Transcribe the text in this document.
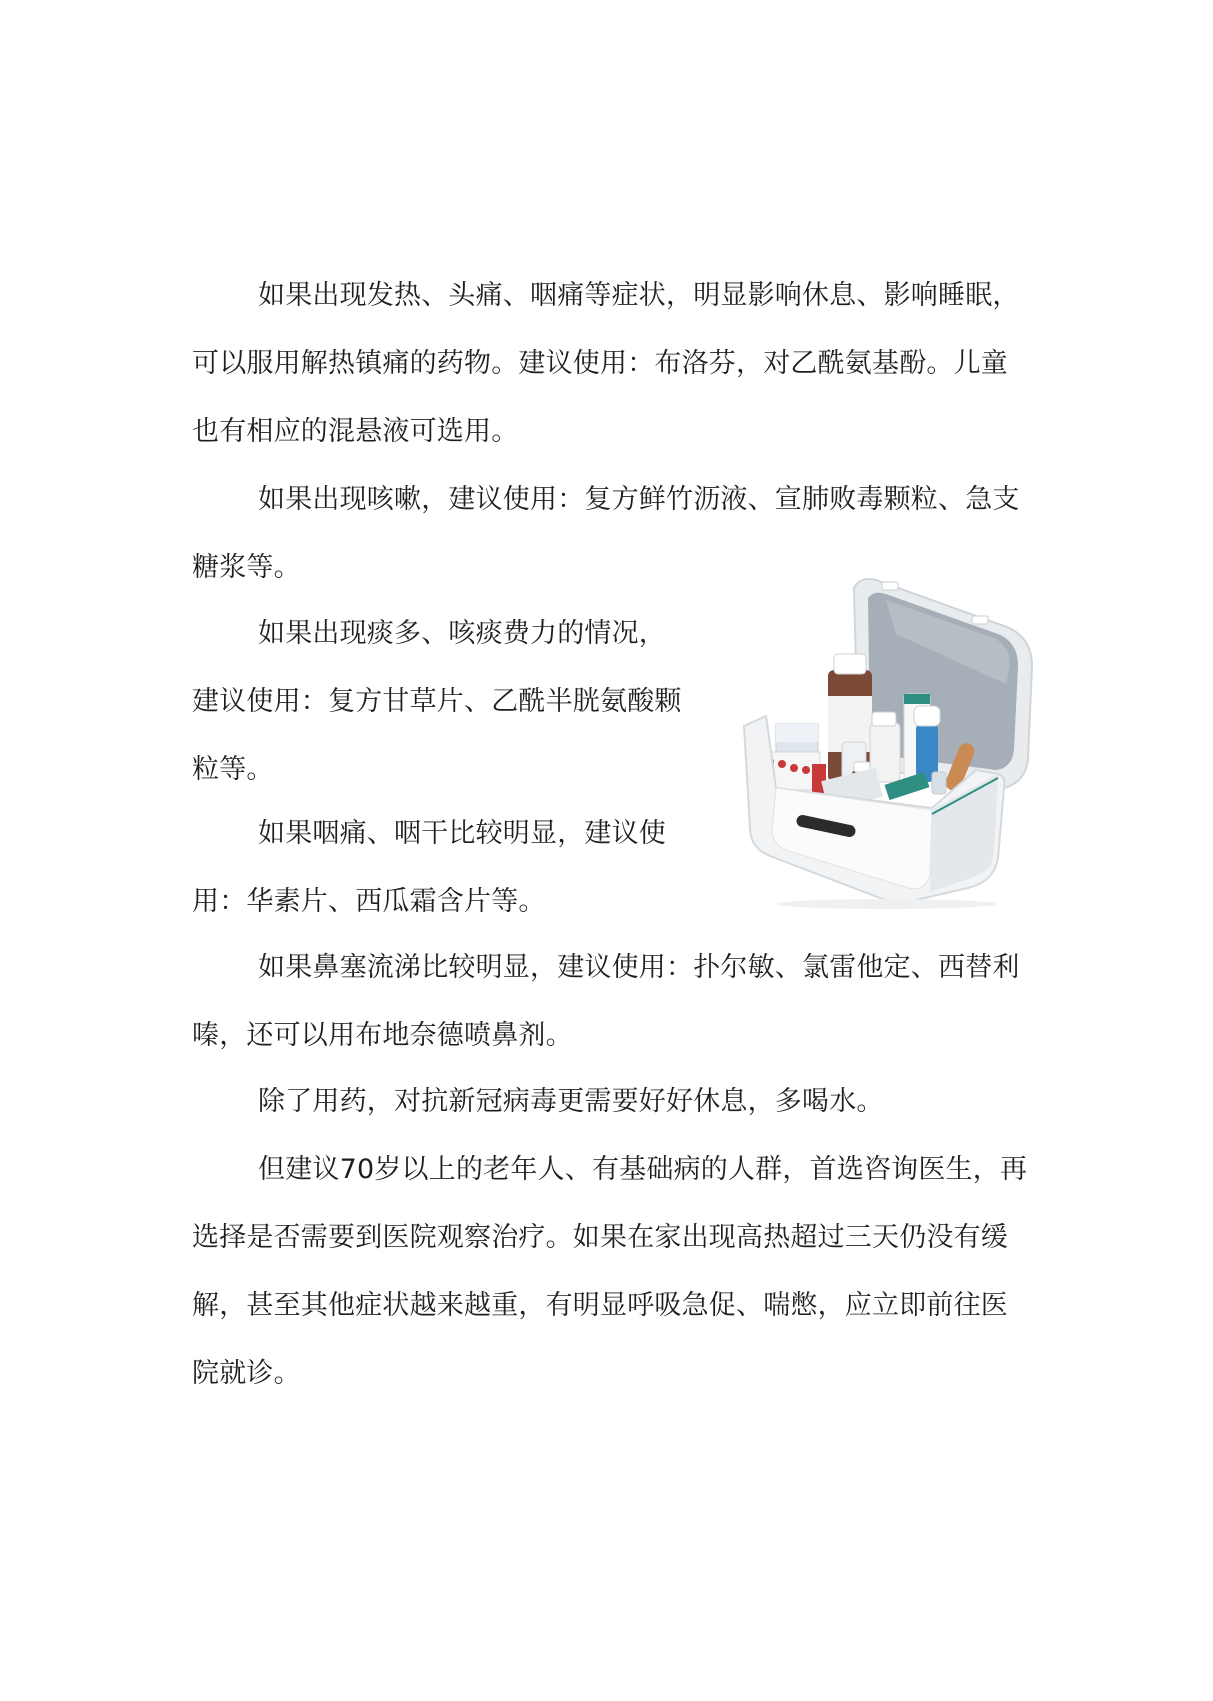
如果出现发热、头痛、咽痛等症状，明显影响休息、影响睡眠，可以服用解热镇痛的药物。建议使用：布洛芬，对乙酰氨基酚。儿童也有相应的混悬液可选用。

如果出现咳嗽，建议使用：复方鲜竹沥液、宣肺败毒颗粒、急支糖浆等。

如果出现痰多、咳痰费力的情况，建议使用：复方甘草片、乙酰半胱氨酸颗粒等。

如果咽痛、咽干比较明显，建议使用：华素片、西瓜霜含片等。

如果鼻塞流涕比较明显，建议使用：扑尔敏、氯雷他定、西替利嗪，还可以用布地奈德喷鼻剂。

除了用药，对抗新冠病毒更需要好好休息，多喝水。

但建议70岁以上的老年人、有基础病的人群，首选咨询医生，再选择是否需要到医院观察治疗。如果在家出现高热超过三天仍没有缓解，甚至其他症状越来越重，有明显呼吸急促、喘憋，应立即前往医院就诊。
